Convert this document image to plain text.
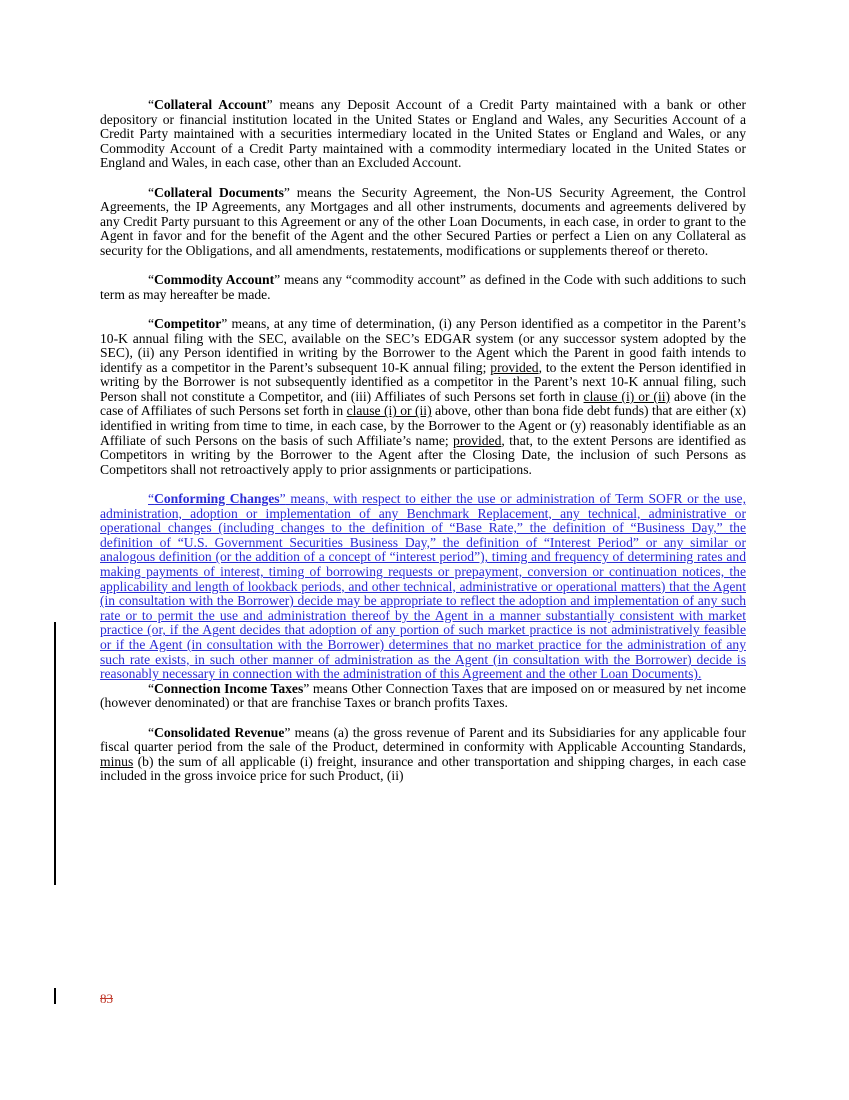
“Collateral Account” means any Deposit Account of a Credit Party maintained with a bank or other depository or financial institution located in the United States or England and Wales, any Securities Account of a Credit Party maintained with a securities intermediary located in the United States or England and Wales, or any Commodity Account of a Credit Party maintained with a commodity intermediary located in the United States or England and Wales, in each case, other than an Excluded Account.

“Collateral Documents” means the Security Agreement, the Non-US Security Agreement, the Control Agreements, the IP Agreements, any Mortgages and all other instruments, documents and agreements delivered by any Credit Party pursuant to this Agreement or any of the other Loan Documents, in each case, in order to grant to the Agent in favor and for the benefit of the Agent and the other Secured Parties or perfect a Lien on any Collateral as security for the Obligations, and all amendments, restatements, modifications or supplements thereof or thereto.

“Commodity Account” means any “commodity account” as defined in the Code with such additions to such term as may hereafter be made.

“Competitor” means, at any time of determination, (i) any Person identified as a competitor in the Parent’s 10-K annual filing with the SEC, available on the SEC’s EDGAR system (or any successor system adopted by the SEC), (ii) any Person identified in writing by the Borrower to the Agent which the Parent in good faith intends to identify as a competitor in the Parent’s subsequent 10-K annual filing; provided, to the extent the Person identified in writing by the Borrower is not subsequently identified as a competitor in the Parent’s next 10-K annual filing, such Person shall not constitute a Competitor, and (iii) Affiliates of such Persons set forth in clause (i) or (ii) above (in the case of Affiliates of such Persons set forth in clause (i) or (ii) above, other than bona fide debt funds) that are either (x) identified in writing from time to time, in each case, by the Borrower to the Agent or (y) reasonably identifiable as an Affiliate of such Persons on the basis of such Affiliate’s name; provided, that, to the extent Persons are identified as Competitors in writing by the Borrower to the Agent after the Closing Date, the inclusion of such Persons as Competitors shall not retroactively apply to prior assignments or participations.

“Conforming Changes” means, with respect to either the use or administration of Term SOFR or the use, administration, adoption or implementation of any Benchmark Replacement, any technical, administrative or operational changes (including changes to the definition of “Base Rate,” the definition of “Business Day,” the definition of “U.S. Government Securities Business Day,” the definition of “Interest Period” or any similar or analogous definition (or the addition of a concept of “interest period”), timing and frequency of determining rates and making payments of interest, timing of borrowing requests or prepayment, conversion or continuation notices, the applicability and length of lookback periods, and other technical, administrative or operational matters) that the Agent (in consultation with the Borrower) decide may be appropriate to reflect the adoption and implementation of any such rate or to permit the use and administration thereof by the Agent in a manner substantially consistent with market practice (or, if the Agent decides that adoption of any portion of such market practice is not administratively feasible or if the Agent (in consultation with the Borrower) determines that no market practice for the administration of any such rate exists, in such other manner of administration as the Agent (in consultation with the Borrower) decide is reasonably necessary in connection with the administration of this Agreement and the other Loan Documents).

“Connection Income Taxes” means Other Connection Taxes that are imposed on or measured by net income (however denominated) or that are franchise Taxes or branch profits Taxes.

“Consolidated Revenue” means (a) the gross revenue of Parent and its Subsidiaries for any applicable four fiscal quarter period from the sale of the Product, determined in conformity with Applicable Accounting Standards, minus (b) the sum of all applicable (i) freight, insurance and other transportation and shipping charges, in each case included in the gross invoice price for such Product, (ii)

83
